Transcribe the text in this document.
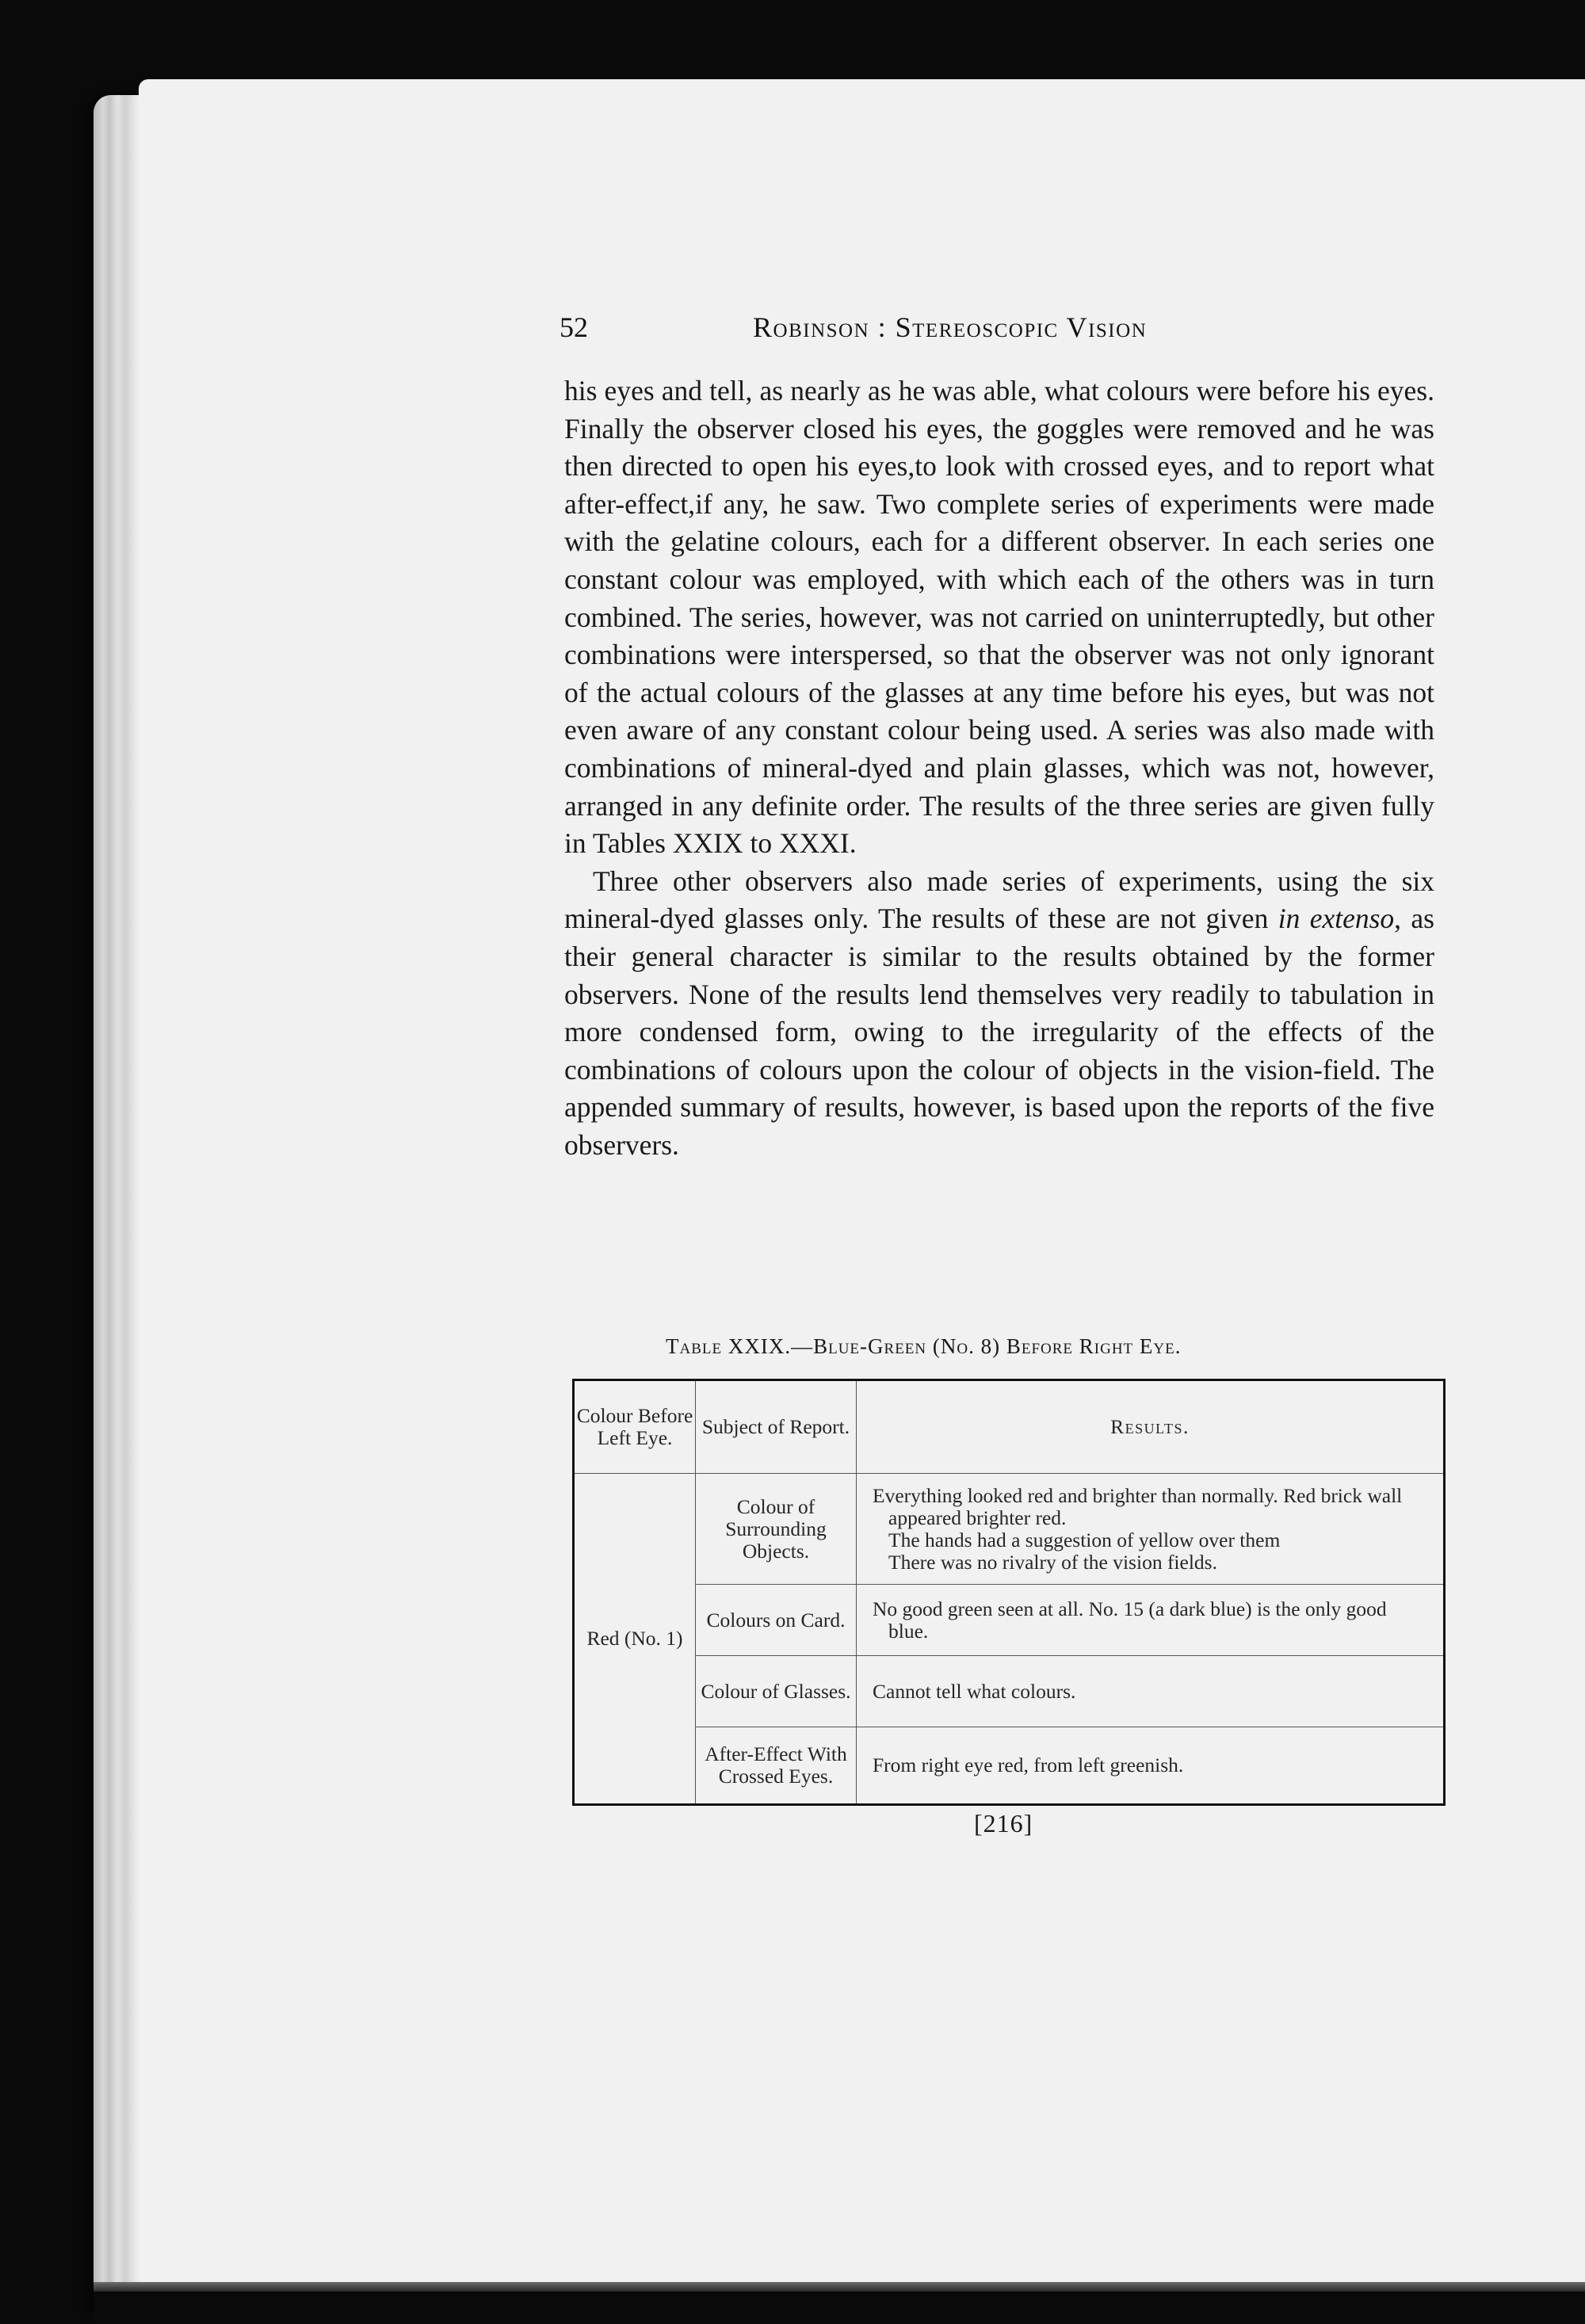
52	Robinson : Stereoscopic Vision

his eyes and tell, as nearly as he was able, what colours were before his eyes. Finally the observer closed his eyes, the goggles were removed and he was then directed to open his eyes,to look with crossed eyes, and to report what after-effect,if any, he saw. Two complete series of experiments were made with the gelatine colours, each for a different observer. In each series one constant colour was employed, with which each of the others was in turn combined. The series, however, was not carried on uninterruptedly, but other combinations were interspersed, so that the observer was not only ignorant of the actual colours of the glasses at any time before his eyes, but was not even aware of any constant colour being used. A series was also made with combinations of mineral-dyed and plain glasses, which was not, however, arranged in any definite order. The results of the three series are given fully in Tables XXIX to XXXI.

Three other observers also made series of experiments, using the six mineral-dyed glasses only. The results of these are not given in extenso, as their general character is similar to the results obtained by the former observers. None of the results lend themselves very readily to tabulation in more condensed form, owing to the irregularity of the effects of the combinations of colours upon the colour of objects in the vision-field. The appended summary of results, however, is based upon the reports of the five observers.

Table XXIX.—Blue-Green (No. 8) Before Right Eye.
Colour Before Left Eye.	Subject of Report.	Results.
Red (No. 1)	Colour of Surrounding Objects.	Everything looked red and brighter than normally. Red brick wall appeared brighter red.
The hands had a suggestion of yellow over them
There was no rivalry of the vision fields.

	Colours on Card.	No good green seen at all. No. 15 (a dark blue) is the only good blue.

	Colour of Glasses.	Cannot tell what colours.

	After-Effect With Crossed Eyes.	From right eye red, from left greenish.
[216]
